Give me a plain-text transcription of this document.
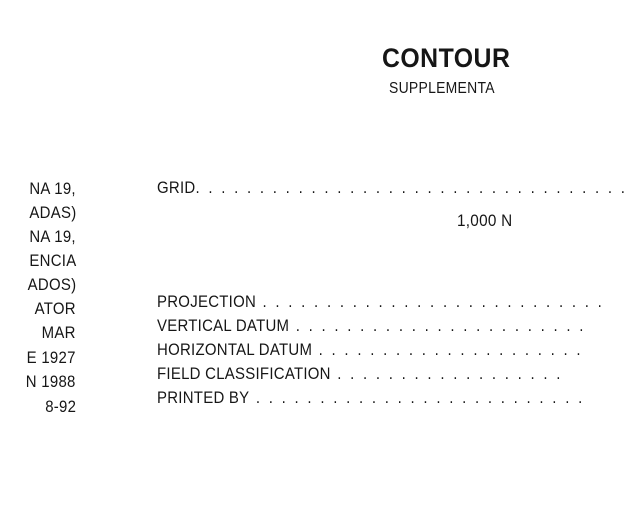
CONTOUR
SUPPLEMENTA
NA 19,
ADAS)
NA 19,
ENCIA
ADOS)
ATOR
MAR
E 1927
N 1988
8-92
GRID. . . . . . . . . . . . . . . . . . . . . . . . . . . . . . . . . .
1,000 N
PROJECTION . . . . . . . . . . . . . . . . . . . . . . . . . . .
VERTICAL DATUM . . . . . . . . . . . . . . . . . . . . . . .
HORIZONTAL DATUM . . . . . . . . . . . . . . . . . . . . .
FIELD CLASSIFICATION . . . . . . . . . . . . . . . . . .
PRINTED BY . . . . . . . . . . . . . . . . . . . . . . . . . .
